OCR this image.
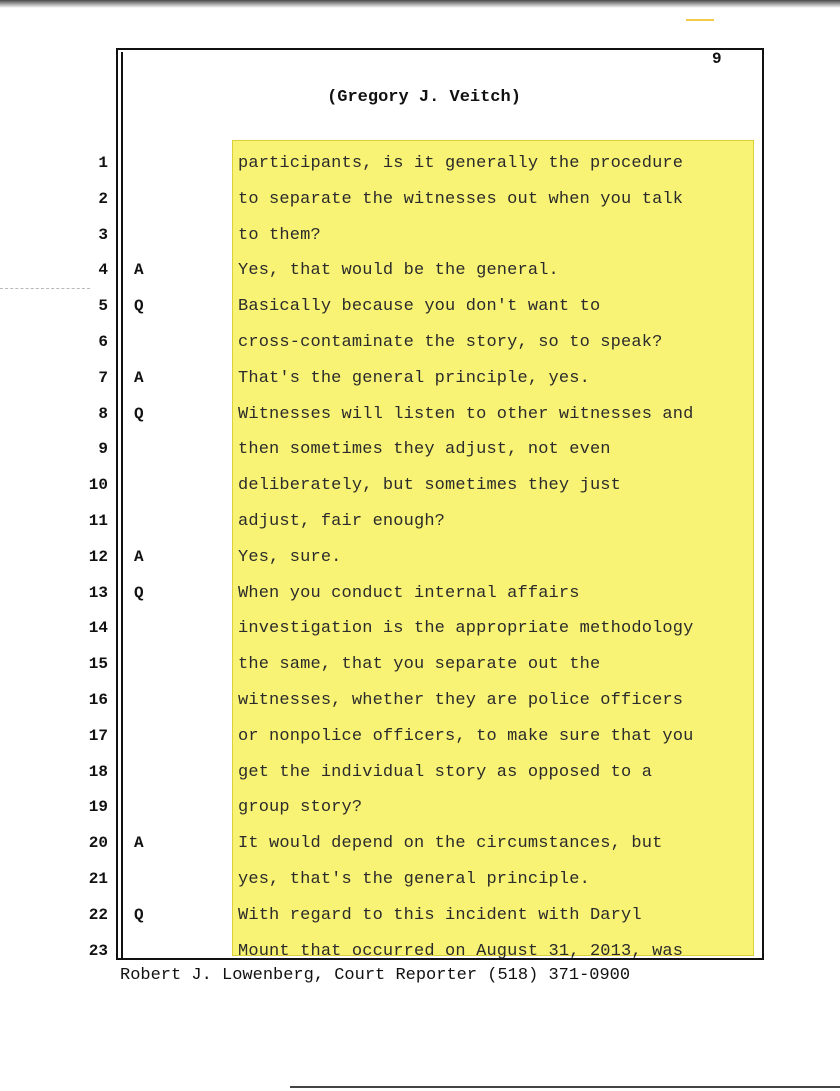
9
(Gregory J. Veitch)
1	participants, is it generally the procedure
2	to separate the witnesses out when you talk
3	to them?
4 A	Yes, that would be the general.
5 Q	Basically because you don't want to
6	cross-contaminate the story, so to speak?
7 A	That's the general principle, yes.
8 Q	Witnesses will listen to other witnesses and
9	then sometimes they adjust, not even
10	deliberately, but sometimes they just
11	adjust, fair enough?
12 A	Yes, sure.
13 Q	When you conduct internal affairs
14	investigation is the appropriate methodology
15	the same, that you separate out the
16	witnesses, whether they are police officers
17	or nonpolice officers, to make sure that you
18	get the individual story as opposed to a
19	group story?
20 A	It would depend on the circumstances, but
21	yes, that's the general principle.
22 Q	With regard to this incident with Daryl
23	Mount that occurred on August 31, 2013, was
Robert J. Lowenberg, Court Reporter (518) 371-0900
